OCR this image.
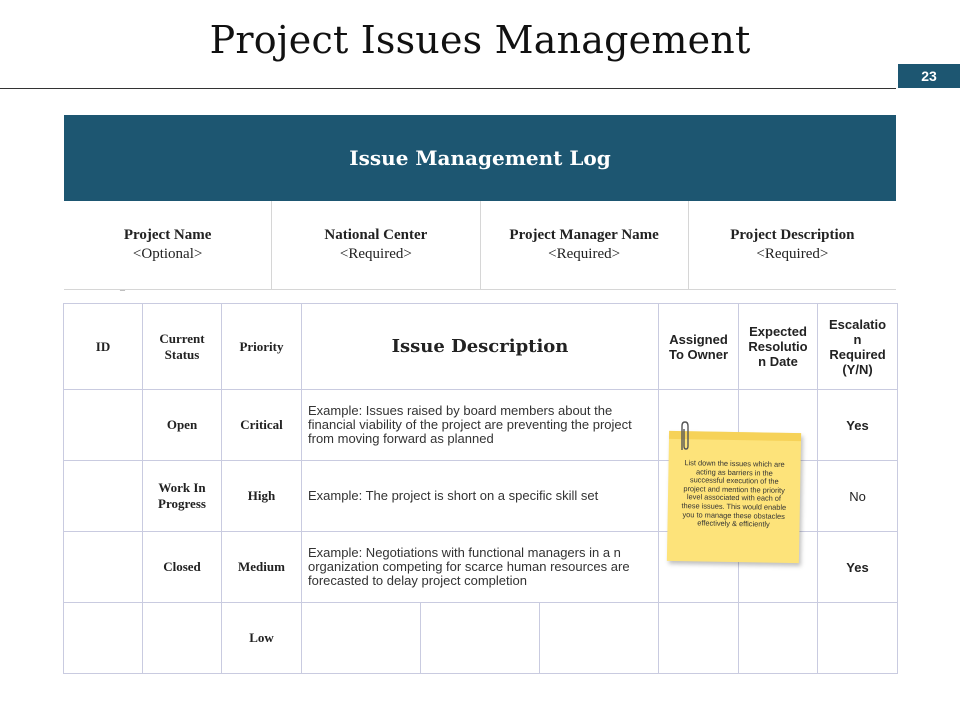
Project Issues Management
23
Issue Management Log
Project Name
<Optional>
National Center
<Required>
Project Manager Name
<Required>
Project Description
<Required>
–
ID	Current Status	Priority	Issue Description			Assigned To Owner	Expected Resolutio n Date	Escalatio n Required (Y/N)
	Open	Critical	Example: Issues raised by board members about the financial viability of the project are preventing the project from moving forward as planned					Yes
	Work In Progress	High	Example: The project is short on a specific skill set					No
	Closed	Medium	Example: Negotiations with functional managers in a n organization competing for scarce human resources are forecasted to delay project completion					Yes
		Low						
List down the issues which are acting as barriers in the successful execution of the project and mention the priority level associated with each of these issues. This would enable you to manage these obstacles effectively & efficiently
